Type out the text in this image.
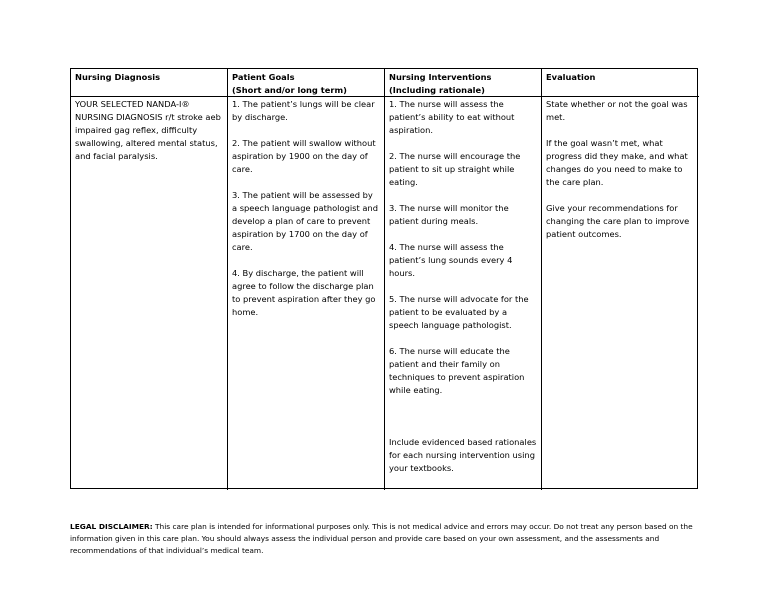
Nursing Diagnosis	Patient Goals
(Short and/or long term)
Nursing Interventions
(Including rationale)
Evaluation
YOUR SELECTED NANDA-I® NURSING DIAGNOSIS r/t stroke aeb impaired gag reflex, difficulty swallowing, altered mental status, and facial paralysis.

1. The patient’s lungs will be clear by discharge.

2. The patient will swallow without aspiration by 1900 on the day of care.

3. The patient will be assessed by a speech language pathologist and develop a plan of care to prevent aspiration by 1700 on the day of care.

4. By discharge, the patient will agree to follow the discharge plan to prevent aspiration after they go home.

1. The nurse will assess the patient’s ability to eat without aspiration.

2. The nurse will encourage the patient to sit up straight while eating.

3. The nurse will monitor the patient during meals.

4. The nurse will assess the patient’s lung sounds every 4 hours.

5. The nurse will advocate for the patient to be evaluated by a speech language pathologist.

6. The nurse will educate the patient and their family on techniques to prevent aspiration while eating.

Include evidenced based rationales for each nursing intervention using your textbooks.

State whether or not the goal was met.

If the goal wasn’t met, what progress did they make, and what changes do you need to make to the care plan.

Give your recommendations for changing the care plan to improve patient outcomes.

LEGAL DISCLAIMER: This care plan is intended for informational purposes only. This is not medical advice and errors may occur. Do not treat any person based on the information given in this care plan. You should always assess the individual person and provide care based on your own assessment, and the assessments and recommendations of that individual’s medical team.
